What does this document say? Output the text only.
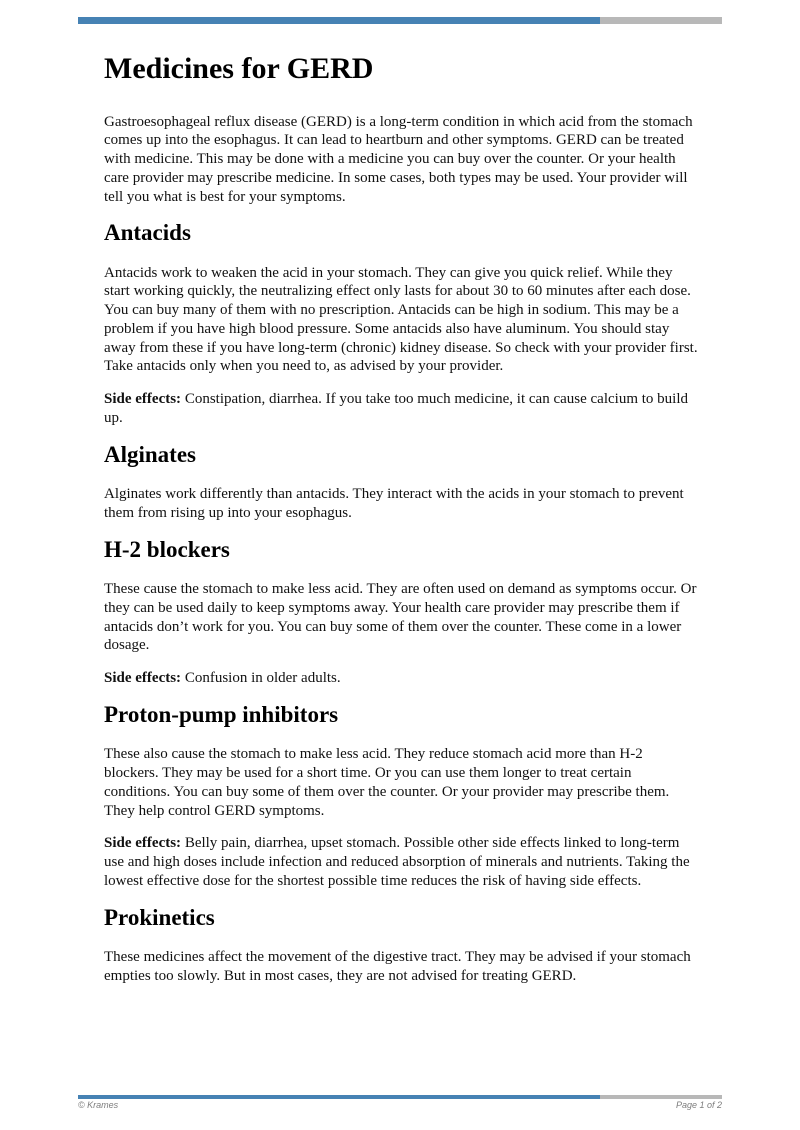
Medicines for GERD

Gastroesophageal reflux disease (GERD) is a long-term condition in which acid from the stomach comes up into the esophagus. It can lead to heartburn and other symptoms. GERD can be treated with medicine. This may be done with a medicine you can buy over the counter. Or your health care provider may prescribe medicine. In some cases, both types may be used. Your provider will tell you what is best for your symptoms.

Antacids

Antacids work to weaken the acid in your stomach. They can give you quick relief. While they start working quickly, the neutralizing effect only lasts for about 30 to 60 minutes after each dose. You can buy many of them with no prescription. Antacids can be high in sodium. This may be a problem if you have high blood pressure. Some antacids also have aluminum. You should stay away from these if you have long-term (chronic) kidney disease. So check with your provider first. Take antacids only when you need to, as advised by your provider.

Side effects: Constipation, diarrhea. If you take too much medicine, it can cause calcium to build up.

Alginates

Alginates work differently than antacids. They interact with the acids in your stomach to prevent them from rising up into your esophagus.

H-2 blockers

These cause the stomach to make less acid. They are often used on demand as symptoms occur. Or they can be used daily to keep symptoms away. Your health care provider may prescribe them if antacids don’t work for you. You can buy some of them over the counter. These come in a lower dosage.

Side effects: Confusion in older adults.

Proton-pump inhibitors

These also cause the stomach to make less acid. They reduce stomach acid more than H-2 blockers. They may be used for a short time. Or you can use them longer to treat certain conditions. You can buy some of them over the counter. Or your provider may prescribe them. They help control GERD symptoms.

Side effects: Belly pain, diarrhea, upset stomach. Possible other side effects linked to long-term use and high doses include infection and reduced absorption of minerals and nutrients. Taking the lowest effective dose for the shortest possible time reduces the risk of having side effects.

Prokinetics

These medicines affect the movement of the digestive tract. They may be advised if your stomach empties too slowly. But in most cases, they are not advised for treating GERD.

© Krames	Page 1 of 2
